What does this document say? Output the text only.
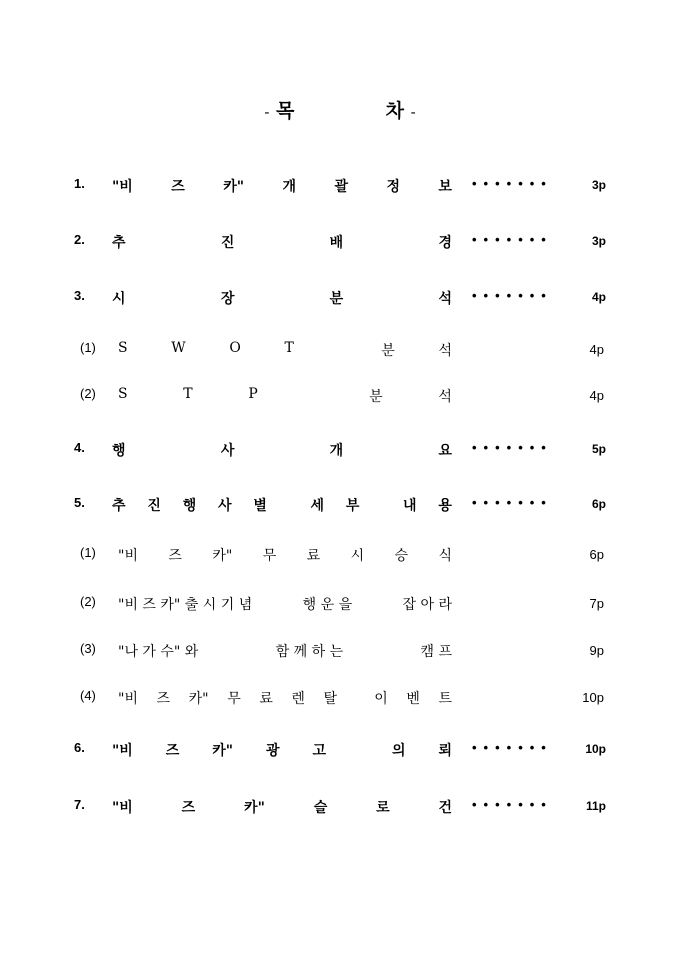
- 목	차 -
1. "비	즈	카"	개	괄	정	보 •••••••	3p
2. 추	진	배	경 •••••••	3p
3. 시	장	분	석 •••••••	4p
(1) S	W	O	T	분	석	4p
(2) S	T	P	분	석	4p
4. 행	사	개	요 •••••••	5p
5. 추 진 행 사 별	세 부	내 용 •••••••	6p
(1) "비 즈 카" 무 료 시 승 식	6p
(2) "비 즈 카" 출 시 기 념	행 운 을	잡 아 라	7p
(3) "나 가 수" 와	함 께 하 는	캠 프	9p
(4) "비 즈 카" 무 료 렌 탈	이 벤 트	10p
6. "비 즈 카" 광 고	의 뢰 •••••••	10p
7. "비	즈	카"	슬	로	건 •••••••	11p
